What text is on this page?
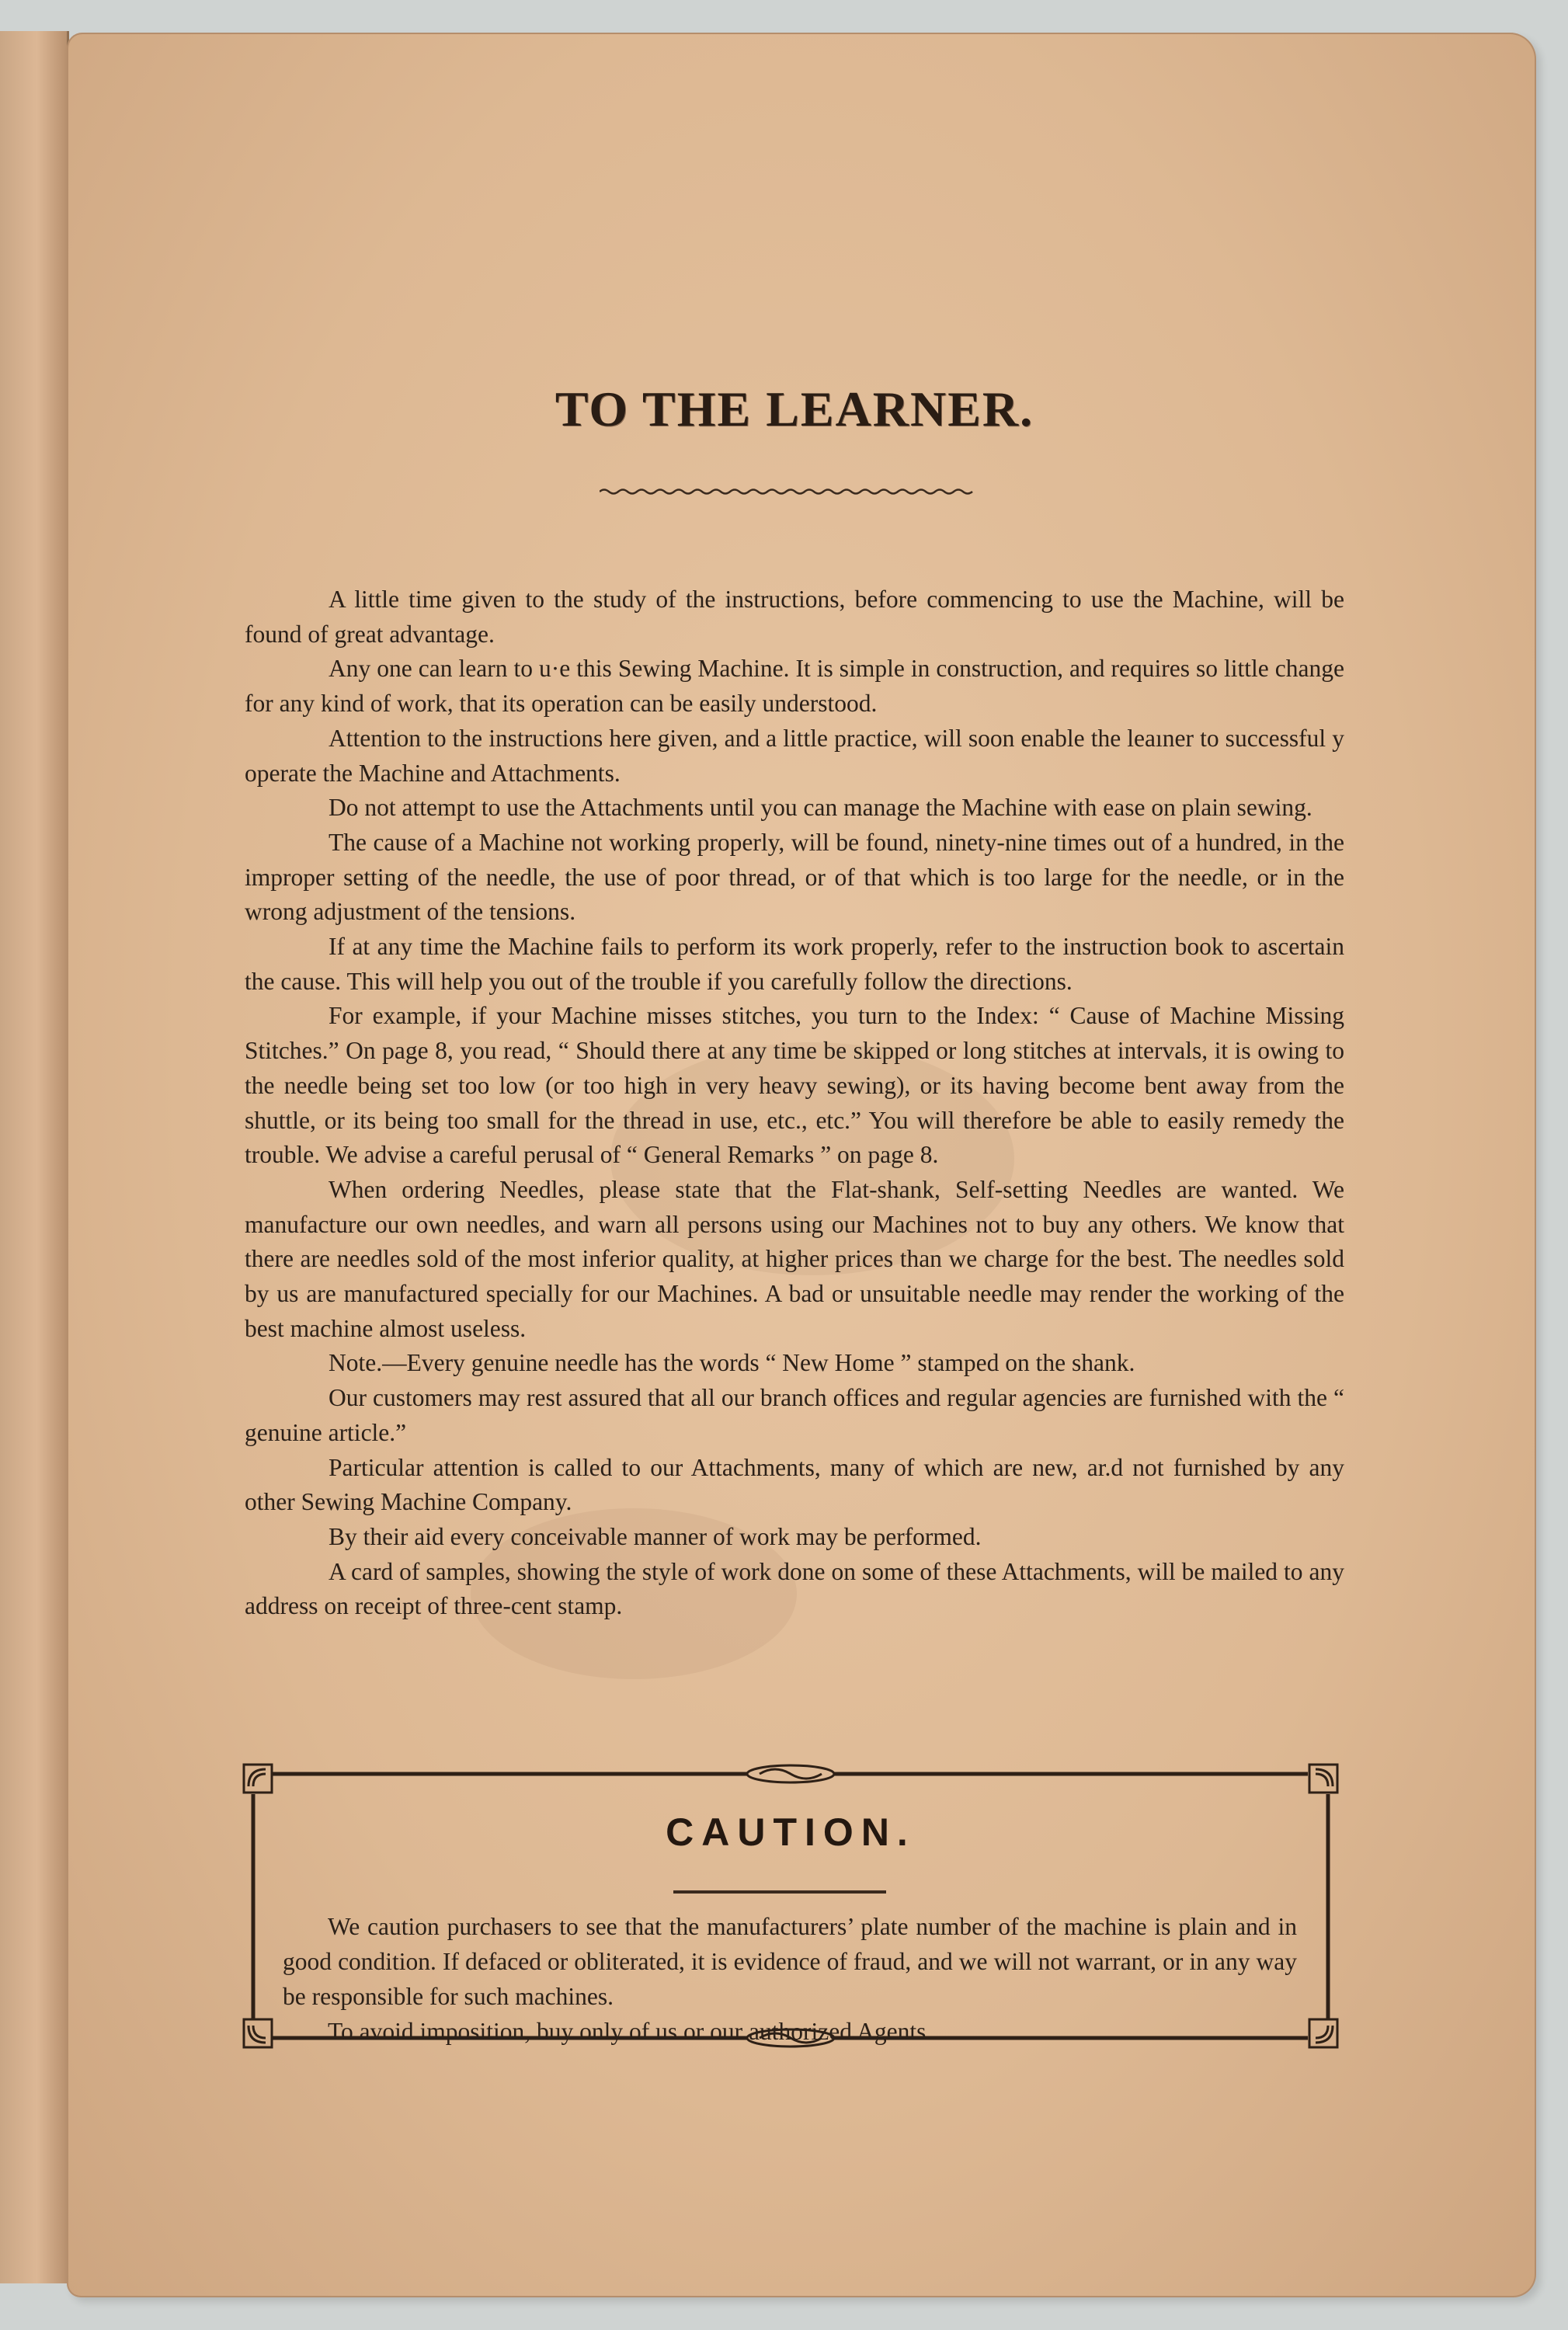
TO THE LEARNER.

A little time given to the study of the instructions, before commencing to use the Machine, will be found of great advantage.

Any one can learn to u·e this Sewing Machine. It is simple in construction, and requires so little change for any kind of work, that its operation can be easily understood.

Attention to the instructions here given, and a little practice, will soon enable the leaıner to successful y operate the Machine and Attachments.

Do not attempt to use the Attachments until you can manage the Machine with ease on plain sewing.

The cause of a Machine not working properly, will be found, ninety-nine times out of a hundred, in the improper setting of the needle, the use of poor thread, or of that which is too large for the needle, or in the wrong adjustment of the tensions.

If at any time the Machine fails to perform its work properly, refer to the instruction book to ascertain the cause. This will help you out of the trouble if you carefully follow the directions.

For example, if your Machine misses stitches, you turn to the Index: “ Cause of Machine Missing Stitches.” On page 8, you read, “ Should there at any time be skipped or long stitches at intervals, it is owing to the needle being set too low (or too high in very heavy sewing), or its having become bent away from the shuttle, or its being too small for the thread in use, etc., etc.” You will therefore be able to easily remedy the trouble. We advise a careful perusal of “ General Remarks ” on page 8.

When ordering Needles, please state that the Flat-shank, Self-setting Needles are wanted. We manufacture our own needles, and warn all persons using our Machines not to buy any others. We know that there are needles sold of the most inferior quality, at higher prices than we charge for the best. The needles sold by us are manufactured specially for our Machines. A bad or unsuitable needle may render the working of the best machine almost useless.

Note.—Every genuine needle has the words “ New Home ” stamped on the shank.

Our customers may rest assured that all our branch offices and regular agencies are furnished with the “ genuine article.”

Particular attention is called to our Attachments, many of which are new, ar.d not furnished by any other Sewing Machine Company.

By their aid every conceivable manner of work may be performed.

A card of samples, showing the style of work done on some of these Attachments, will be mailed to any address on receipt of three-cent stamp.

CAUTION.

We caution purchasers to see that the manufacturers’ plate number of the machine is plain and in good condition. If defaced or obliterated, it is evidence of fraud, and we will not warrant, or in any way be responsible for such machines.

To avoid imposition, buy only of us or our authorized Agents
